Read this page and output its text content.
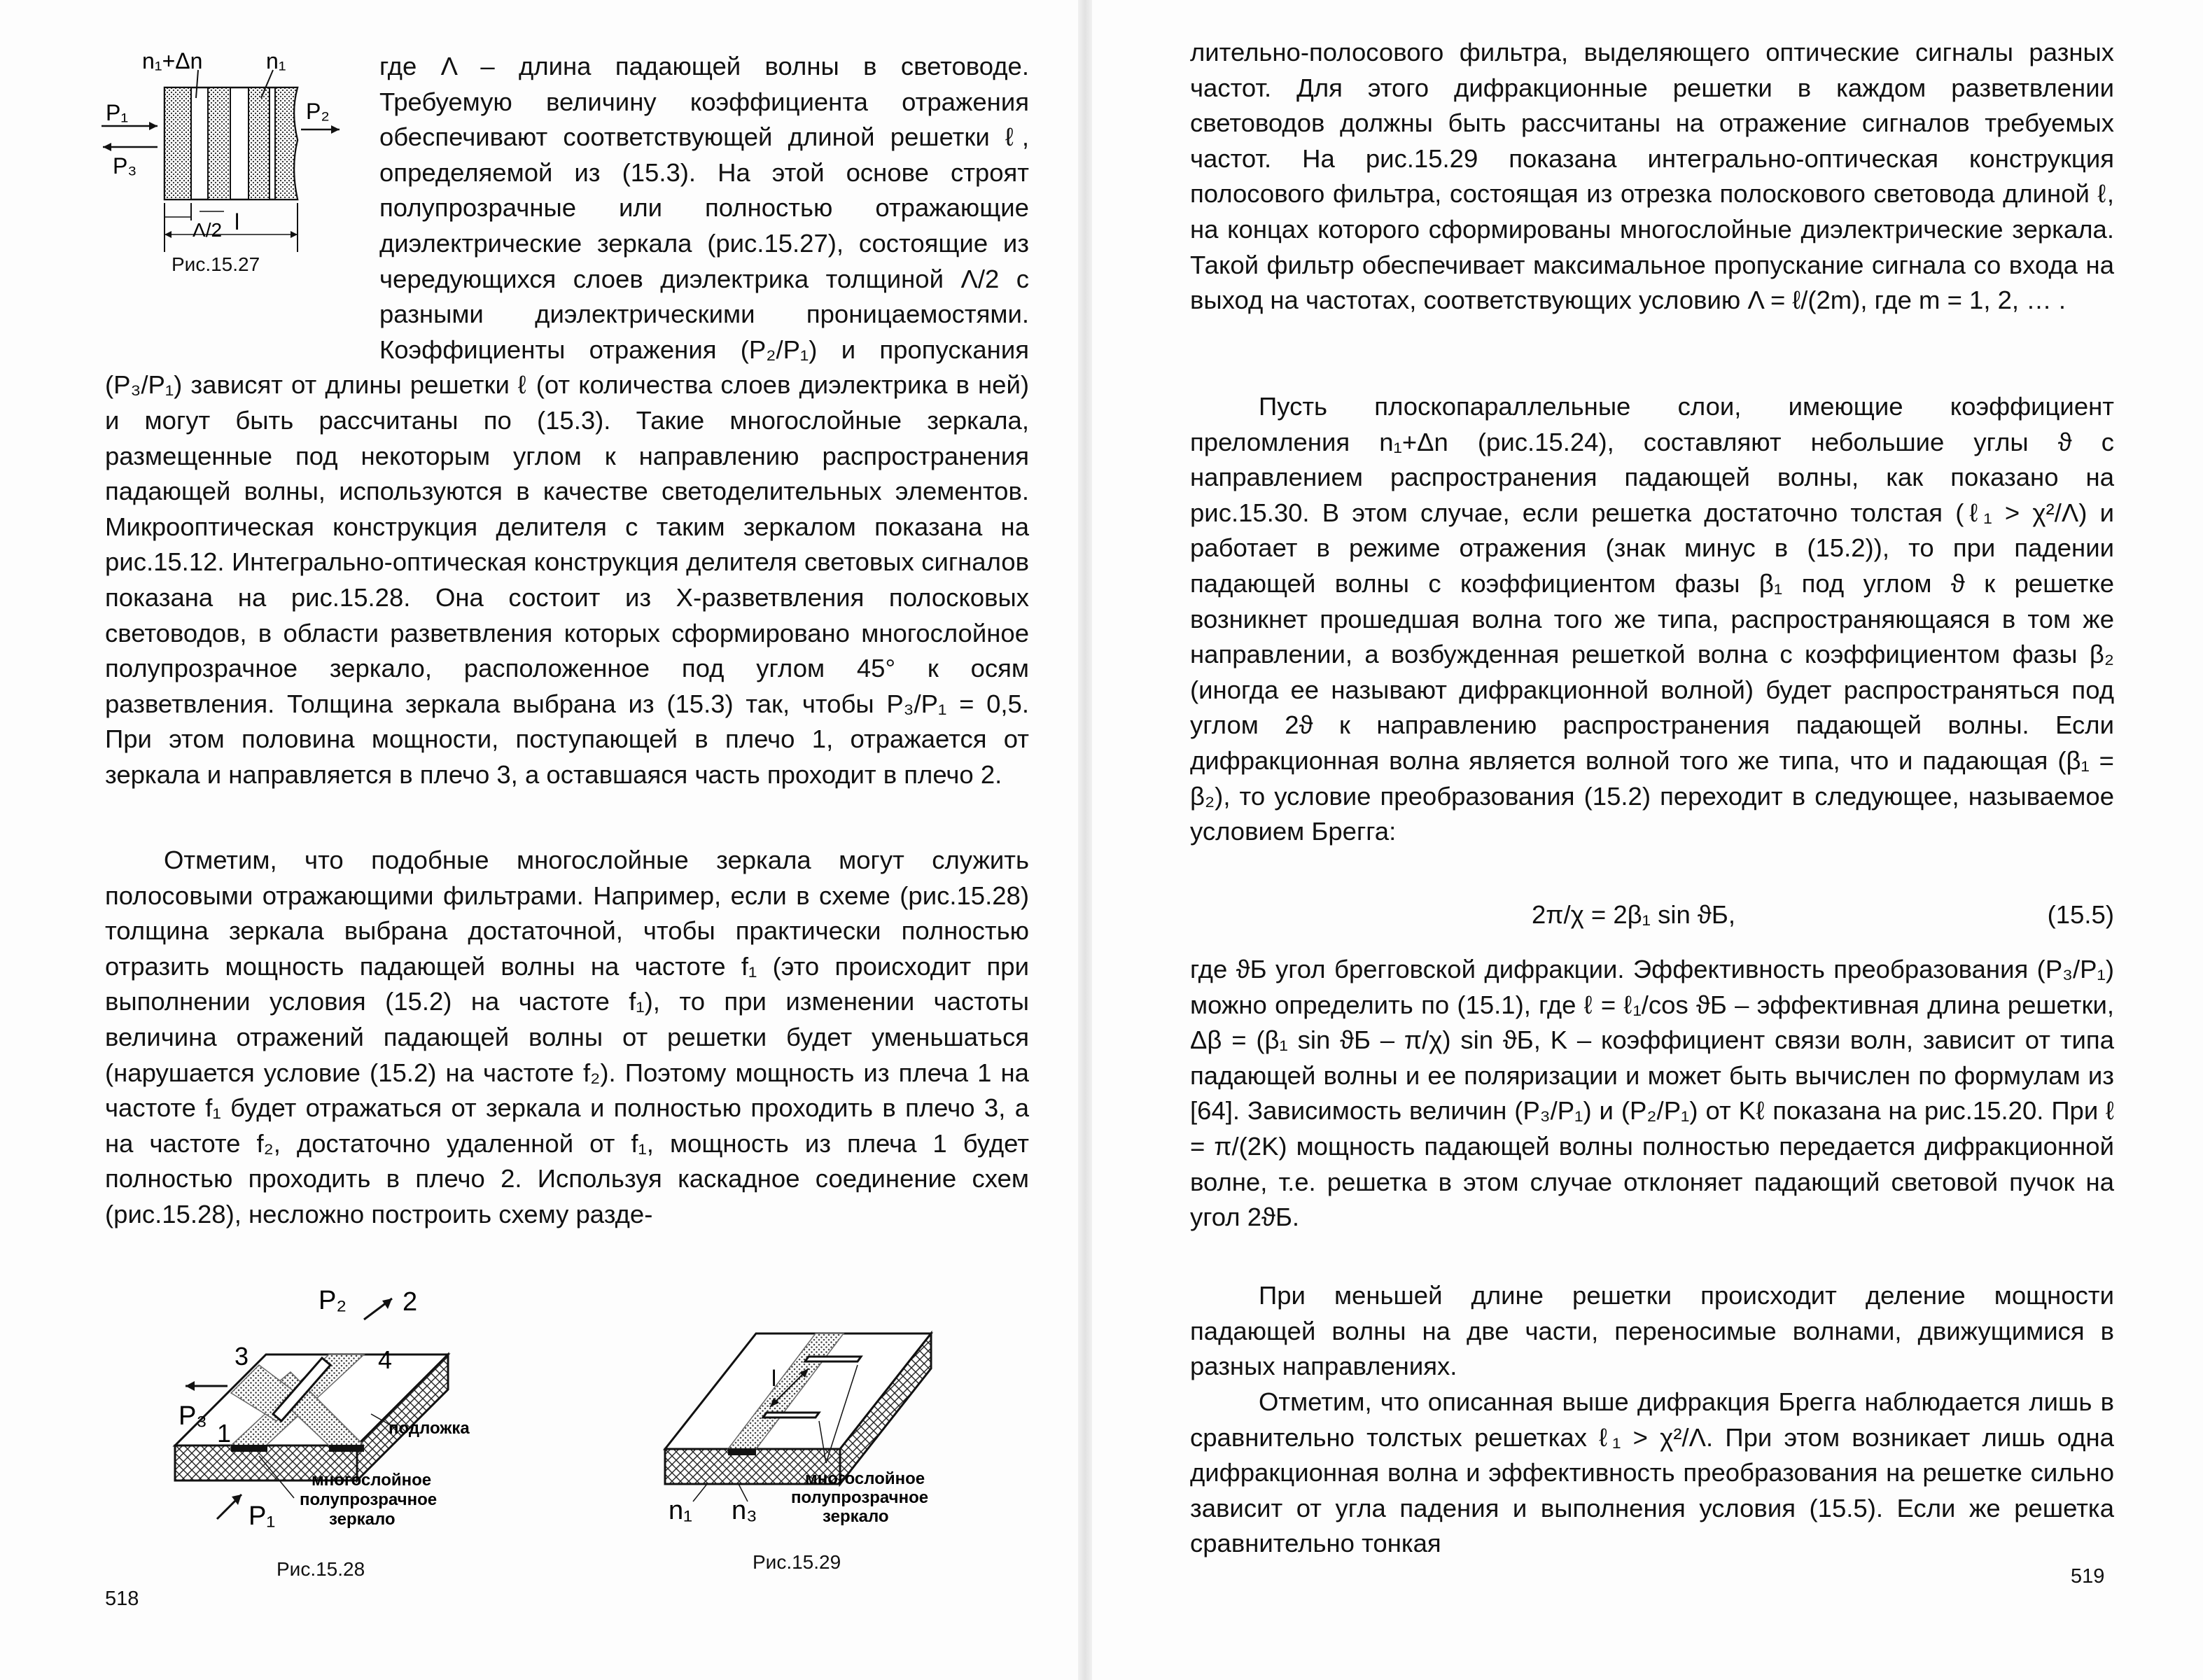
n₁+Δn	n₁
P₁
P₃
P₂
Λ/2 l
Рис.15.27

где Λ – длина падающей волны в световоде. Требуемую величину коэффициента отражения обеспечивают соответствующей длиной решетки ℓ, определяемой из (15.3). На этой основе строят полупрозрачные или полностью отражающие диэлектрические зеркала (рис.15.27), состоящие из чередующихся слоев диэлектрика толщиной Λ/2 с разными диэлектрическими проницаемостями. Коэффициенты отражения (P₂/P₁) и пропускания (P₃/P₁) зависят от длины решетки ℓ (от количества слоев диэлектрика в ней) и могут быть рассчитаны по (15.3). Такие многослойные зеркала, размещенные под некоторым углом к направлению распространения падающей волны, используются в качестве светоделительных элементов. Микрооптическая конструкция делителя с таким зеркалом показана на рис.15.12. Интегрально-оптическая конструкция делителя световых сигналов показана на рис.15.28. Она состоит из X-разветвления полосковых световодов, в области разветвления которых сформировано многослойное полупрозрачное зеркало, расположенное под углом 45° к осям разветвления. Толщина зеркала выбрана из (15.3) так, чтобы P₃/P₁ = 0,5. При этом половина мощности, поступающей в плечо 1, отражается от зеркала и направляется в плечо 3, а оставшаяся часть проходит в плечо 2.

Отметим, что подобные многослойные зеркала могут служить полосовыми отражающими фильтрами. Например, если в схеме (рис.15.28) толщина зеркала выбрана достаточной, чтобы практически полностью отразить мощность падающей волны на частоте f₁ (это происходит при выполнении условия (15.2) на частоте f₁), то при изменении частоты величина отражений падающей волны от решетки будет уменьшаться (нарушается условие (15.2) на частоте f₂). Поэтому мощность из плеча 1 на частоте f₁ будет отражаться от зеркала и полностью проходить в плечо 3, а на частоте f₂, достаточно удаленной от f₁, мощность из плеча 1 будет полностью проходить в плечо 2. Используя каскадное соединение схем (рис.15.28), несложно построить схему разде-

P₂ 2
3	4
1
P₃
P₁
подложка
многослойное
полупрозрачное
зеркало
Рис.15.28
n₁ n₃
l
многослойное
полупрозрачное
зеркало
Рис.15.29
518

лительно-полосового фильтра, выделяющего оптические сигналы разных частот. Для этого дифракционные решетки в каждом разветвлении световодов должны быть рассчитаны на отражение сигналов требуемых частот. На рис.15.29 показана интегрально-оптическая конструкция полосового фильтра, состоящая из отрезка полоскового световода длиной ℓ, на концах которого сформированы многослойные диэлектрические зеркала. Такой фильтр обеспечивает максимальное пропускание сигнала со входа на выход на частотах, соответствующих условию Λ = ℓ/(2m), где m = 1, 2, … .

Пусть плоскопараллельные слои, имеющие коэффициент преломления n₁+Δn (рис.15.24), составляют небольшие углы ϑ с направлением распространения падающей волны, как показано на рис.15.30. В этом случае, если решетка достаточно толстая (ℓ₁ > χ²/Λ) и работает в режиме отражения (знак минус в (15.2)), то при падении падающей волны с коэффициентом фазы β₁ под углом ϑ к решетке возникнет прошедшая волна того же типа, распространяющаяся в том же направлении, а возбужденная решеткой волна с коэффициентом фазы β₂ (иногда ее называют дифракционной волной) будет распространяться под углом 2ϑ к направлению распространения падающей волны. Если дифракционная волна является волной того же типа, что и падающая (β₁ = β₂), то условие преобразования (15.2) переходит в следующее, называемое условием Брегга:

2π/χ = 2β₁ sin ϑБ,	(15.5)

где ϑБ угол брегговской дифракции. Эффективность преобразования (P₃/P₁) можно определить по (15.1), где ℓ = ℓ₁/cos ϑБ – эффективная длина решетки, Δβ = (β₁ sin ϑБ – π/χ) sin ϑБ, K – коэффициент связи волн, зависит от типа падающей волны и ее поляризации и может быть вычислен по формулам из [64]. Зависимость величин (P₃/P₁) и (P₂/P₁) от Kℓ показана на рис.15.20. При ℓ = π/(2K) мощность падающей волны полностью передается дифракционной волне, т.е. решетка в этом случае отклоняет падающий световой пучок на угол 2ϑБ.

При меньшей длине решетки происходит деление мощности падающей волны на две части, переносимые волнами, движущимися в разных направлениях.

Отметим, что описанная выше дифракция Брегга наблюдается лишь в сравнительно толстых решетках ℓ₁ > χ²/Λ. При этом возникает лишь одна дифракционная волна и эффективность преобразования на решетке сильно зависит от угла падения и выполнения условия (15.5). Если же решетка сравнительно тонкая

519
